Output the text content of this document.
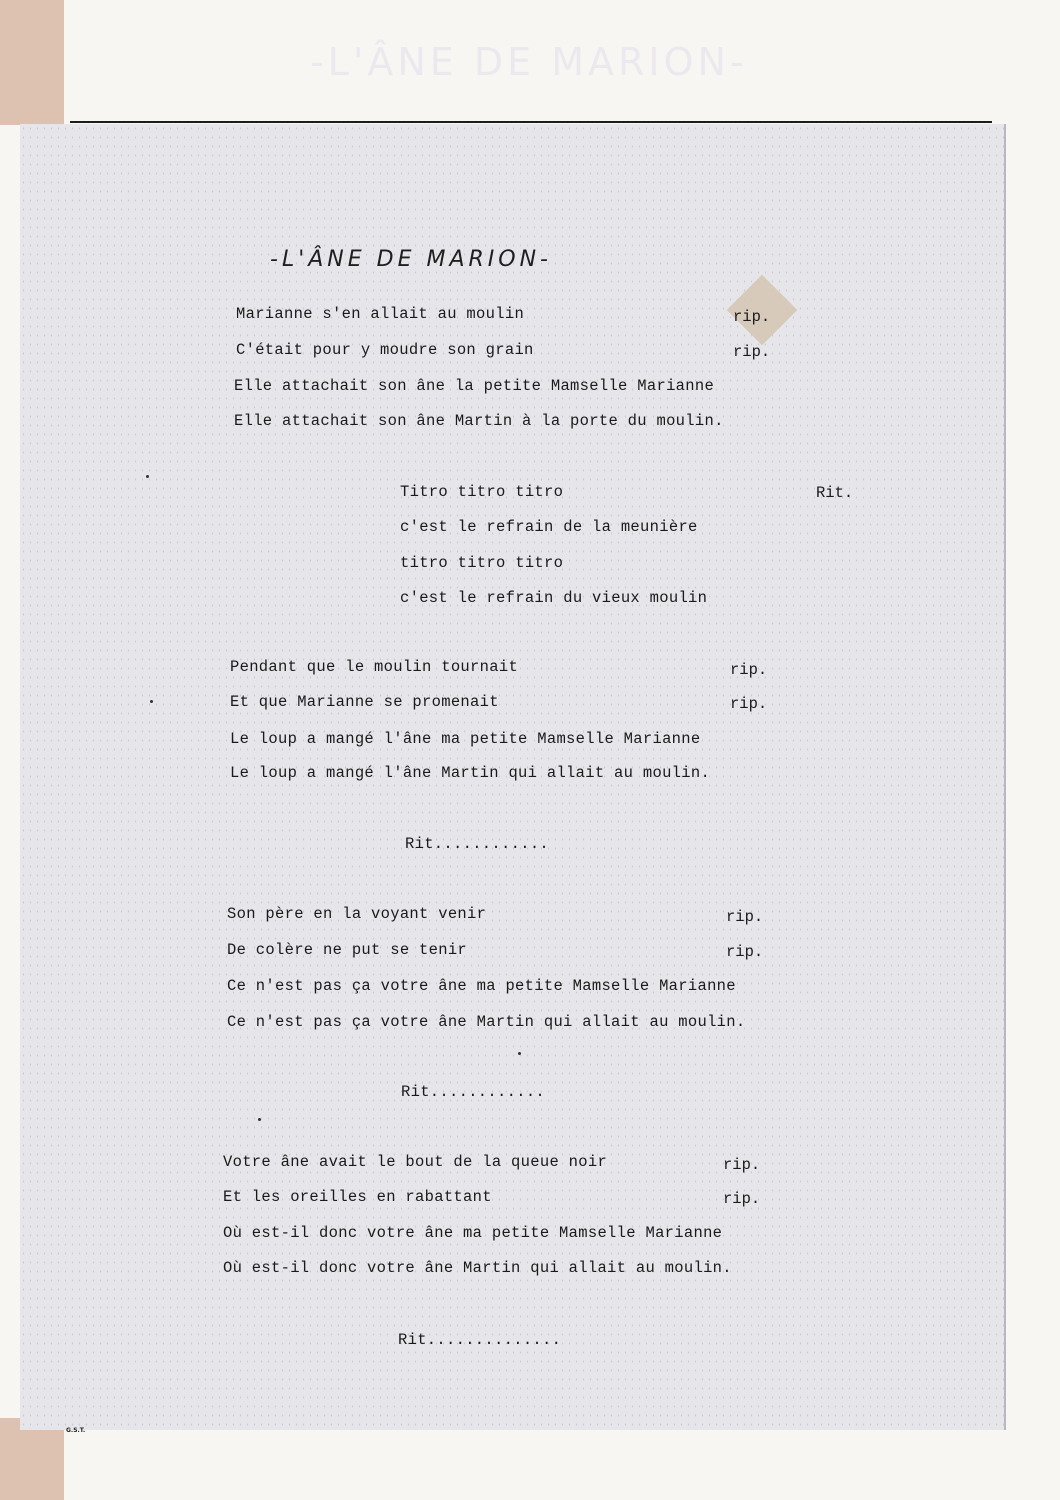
-L'ÂNE DE MARION-
-L'ÂNE DE MARION-
Marianne s'en allait au moulin	rip.
C'était pour y moudre son grain	rip.
Elle attachait son âne la petite Mamselle Marianne
Elle attachait son âne Martin à la porte du moulin.
Titro titro titro	Rit.
c'est le refrain de la meunière
titro titro titro
c'est le refrain du vieux moulin
Pendant que le moulin tournait	rip.
Et que Marianne se promenait	rip.
Le loup a mangé l'âne ma petite Mamselle Marianne
Le loup a mangé l'âne Martin qui allait au moulin.
Rit............
Son père en la voyant venir	rip.
De colère ne put se tenir	rip.
Ce n'est pas ça votre âne ma petite Mamselle Marianne
Ce n'est pas ça votre âne Martin qui allait au moulin.
Rit............
Votre âne avait le bout de la queue noir	rip.
Et les oreilles en rabattant	rip.
Où est-il donc votre âne ma petite Mamselle Marianne
Où est-il donc votre âne Martin qui allait au moulin.
Rit..............
G.S.T.
